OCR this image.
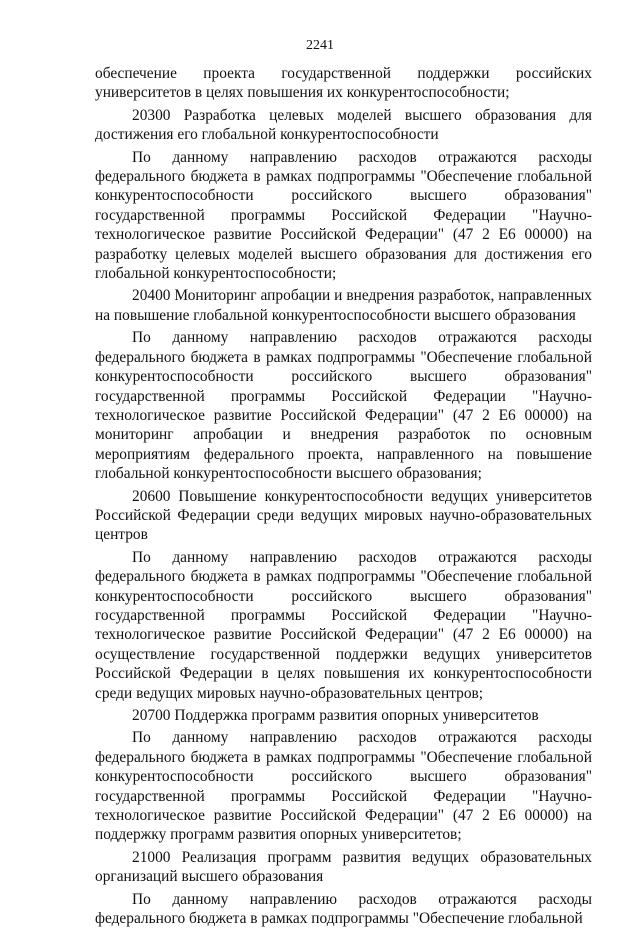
2241

обеспечение проекта государственной поддержки российских университетов в целях повышения их конкурентоспособности;

20300 Разработка целевых моделей высшего образования для достижения его глобальной конкурентоспособности

По данному направлению расходов отражаются расходы федерального бюджета в рамках подпрограммы "Обеспечение глобальной конкурентоспособности российского высшего образования" государственной программы Российской Федерации "Научно-технологическое развитие Российской Федерации" (47 2 Е6 00000) на разработку целевых моделей высшего образования для достижения его глобальной конкурентоспособности;

20400 Мониторинг апробации и внедрения разработок, направленных на повышение глобальной конкурентоспособности высшего образования

По данному направлению расходов отражаются расходы федерального бюджета в рамках подпрограммы "Обеспечение глобальной конкурентоспособности российского высшего образования" государственной программы Российской Федерации "Научно-технологическое развитие Российской Федерации" (47 2 Е6 00000) на мониторинг апробации и внедрения разработок по основным мероприятиям федерального проекта, направленного на повышение глобальной конкурентоспособности высшего образования;

20600 Повышение конкурентоспособности ведущих университетов Российской Федерации среди ведущих мировых научно-образовательных центров

По данному направлению расходов отражаются расходы федерального бюджета в рамках подпрограммы "Обеспечение глобальной конкурентоспособности российского высшего образования" государственной программы Российской Федерации "Научно-технологическое развитие Российской Федерации" (47 2 Е6 00000) на осуществление государственной поддержки ведущих университетов Российской Федерации в целях повышения их конкурентоспособности среди ведущих мировых научно-образовательных центров;

20700 Поддержка программ развития опорных университетов

По данному направлению расходов отражаются расходы федерального бюджета в рамках подпрограммы "Обеспечение глобальной конкурентоспособности российского высшего образования" государственной программы Российской Федерации "Научно-технологическое развитие Российской Федерации" (47 2 Е6 00000) на поддержку программ развития опорных университетов;

21000 Реализация программ развития ведущих образовательных организаций высшего образования

По данному направлению расходов отражаются расходы федерального бюджета в рамках подпрограммы "Обеспечение глобальной
